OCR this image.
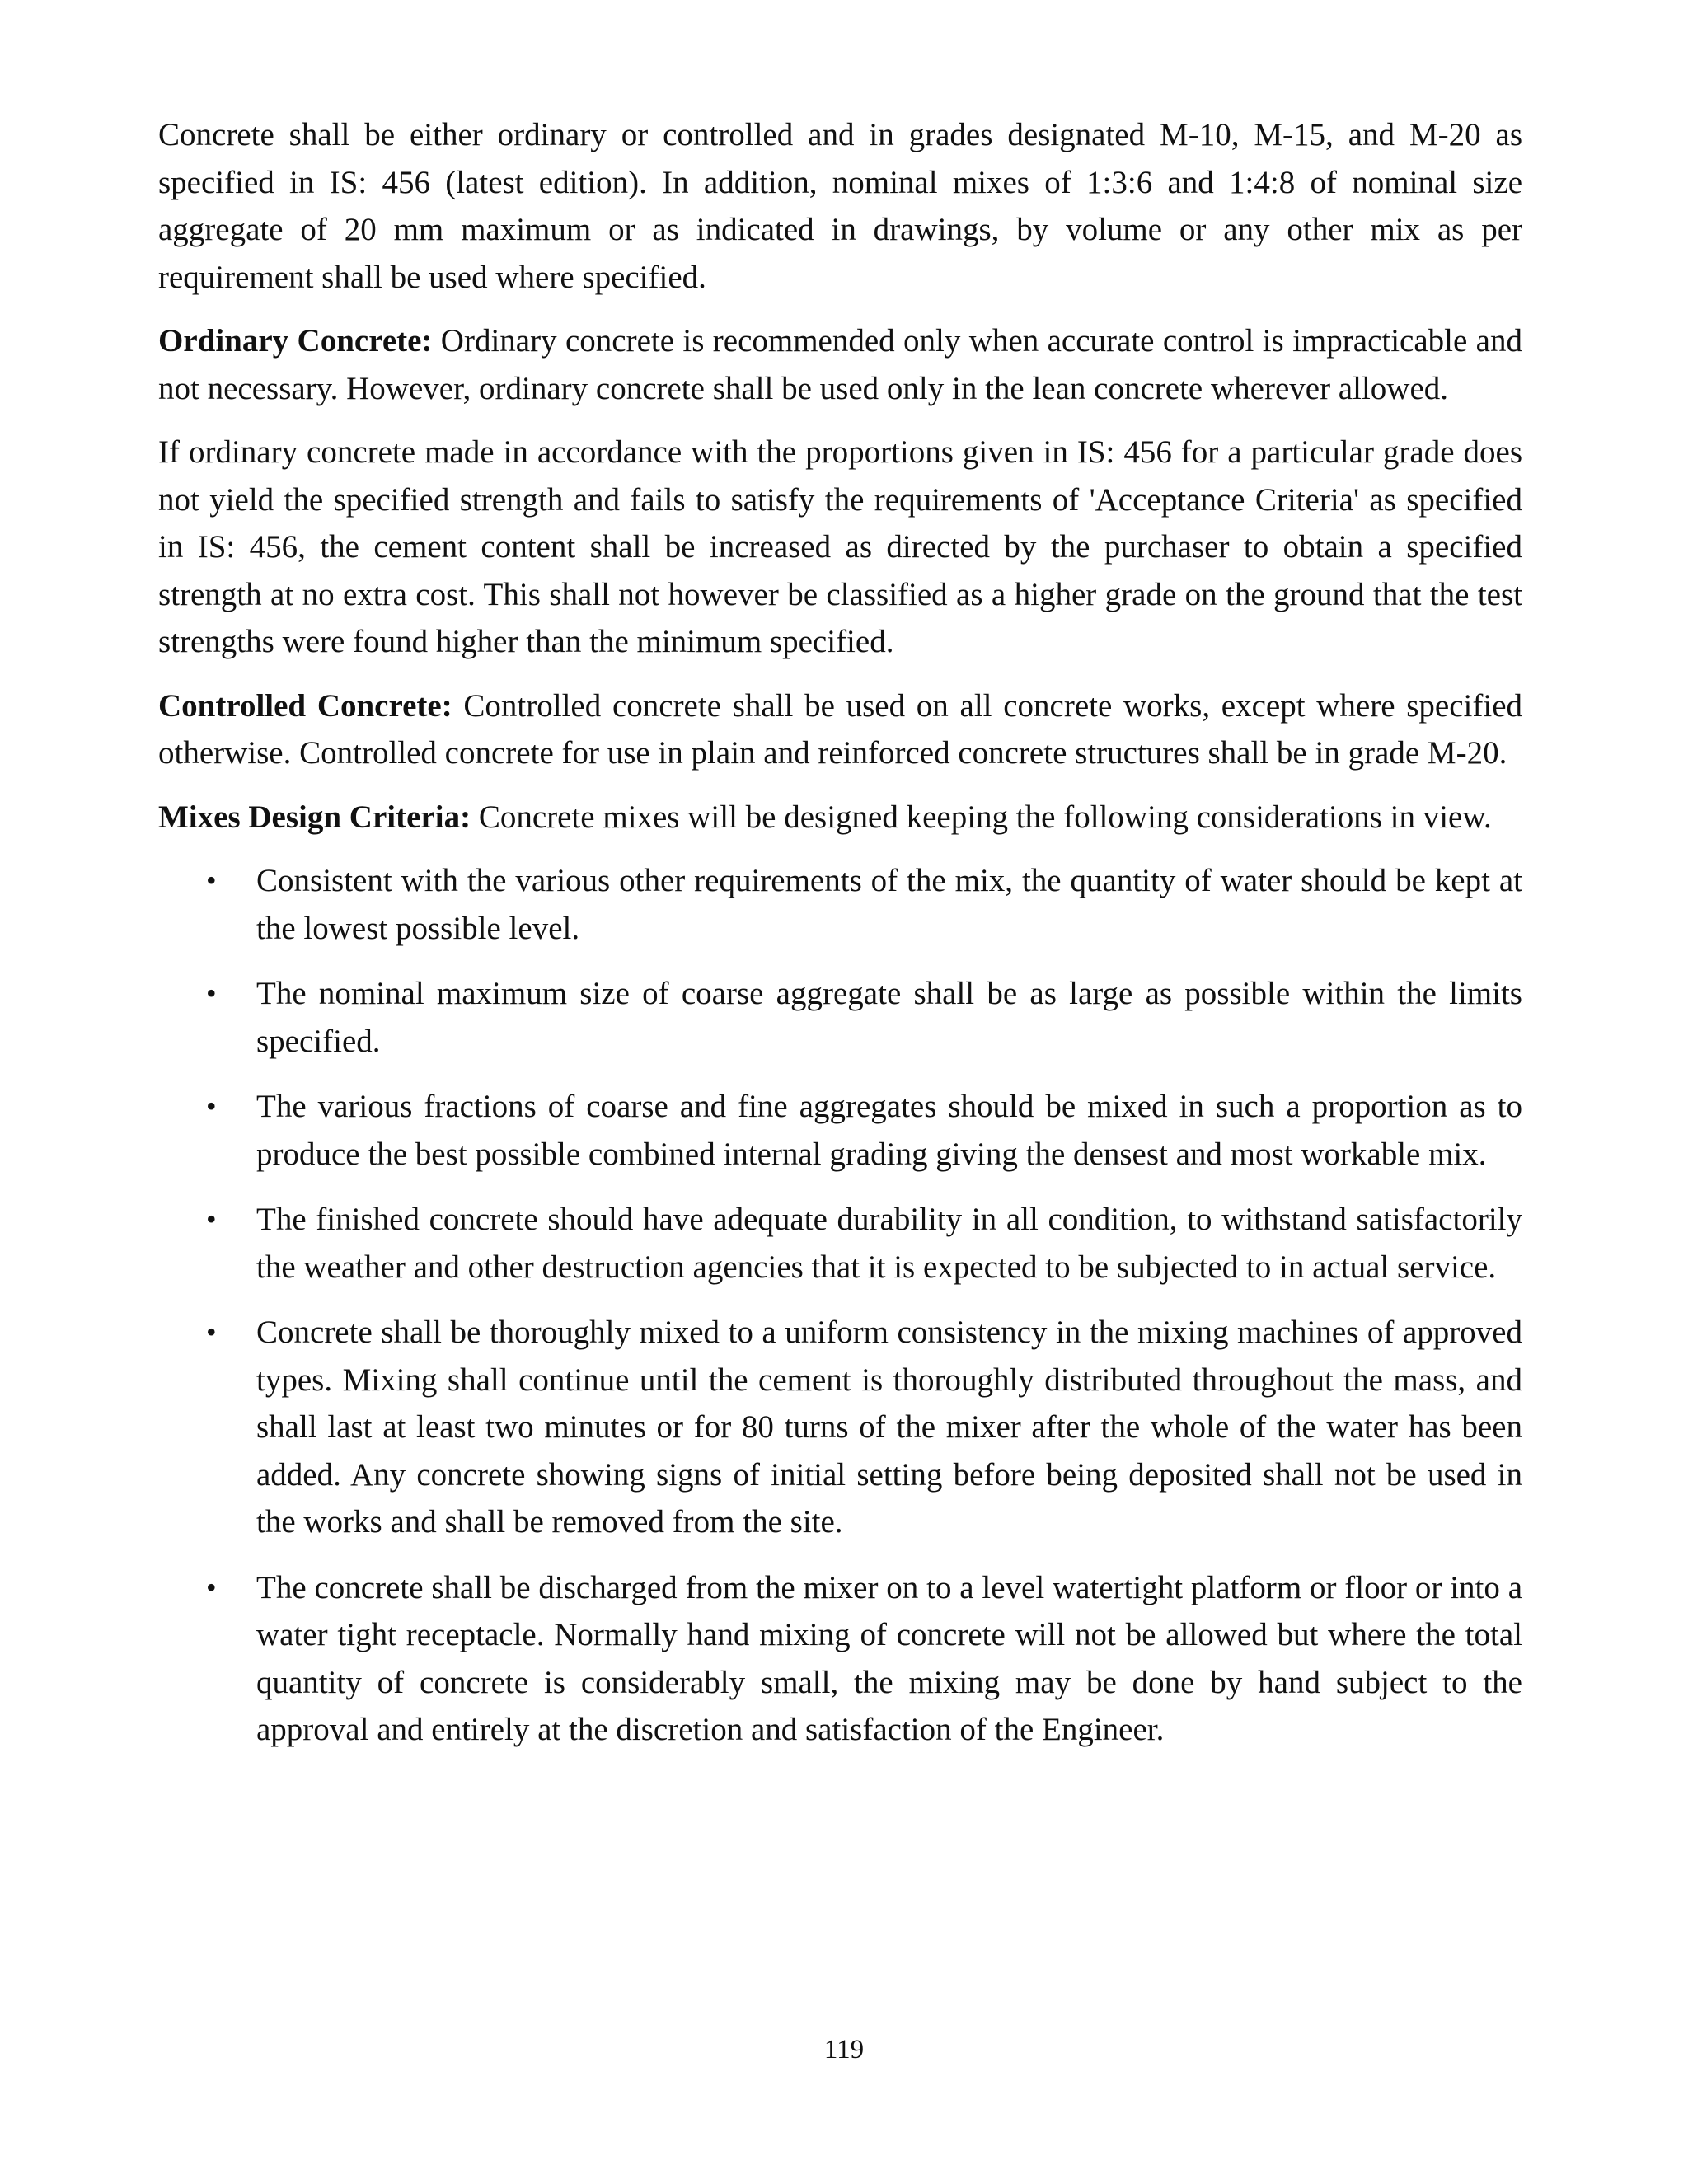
Concrete shall be either ordinary or controlled and in grades designated M-10, M-15, and M-20 as specified in IS: 456 (latest edition). In addition, nominal mixes of 1:3:6 and 1:4:8 of nominal size aggregate of 20 mm maximum or as indicated in drawings, by volume or any other mix as per requirement shall be used where specified.

Ordinary Concrete: Ordinary concrete is recommended only when accurate control is impracticable and not necessary. However, ordinary concrete shall be used only in the lean concrete wherever allowed.

If ordinary concrete made in accordance with the proportions given in IS: 456 for a particular grade does not yield the specified strength and fails to satisfy the requirements of 'Acceptance Criteria' as specified in IS: 456, the cement content shall be increased as directed by the purchaser to obtain a specified strength at no extra cost. This shall not however be classified as a higher grade on the ground that the test strengths were found higher than the minimum specified.

Controlled Concrete: Controlled concrete shall be used on all concrete works, except where specified otherwise. Controlled concrete for use in plain and reinforced concrete structures shall be in grade M-20.

Mixes Design Criteria: Concrete mixes will be designed keeping the following considerations in view.

• Consistent with the various other requirements of the mix, the quantity of water should be kept at the lowest possible level.
• The nominal maximum size of coarse aggregate shall be as large as possible within the limits specified.
• The various fractions of coarse and fine aggregates should be mixed in such a proportion as to produce the best possible combined internal grading giving the densest and most workable mix.
• The finished concrete should have adequate durability in all condition, to withstand satisfactorily the weather and other destruction agencies that it is expected to be subjected to in actual service.
• Concrete shall be thoroughly mixed to a uniform consistency in the mixing machines of approved types. Mixing shall continue until the cement is thoroughly distributed throughout the mass, and shall last at least two minutes or for 80 turns of the mixer after the whole of the water has been added. Any concrete showing signs of initial setting before being deposited shall not be used in the works and shall be removed from the site.
• The concrete shall be discharged from the mixer on to a level watertight platform or floor or into a water tight receptacle. Normally hand mixing of concrete will not be allowed but where the total quantity of concrete is considerably small, the mixing may be done by hand subject to the approval and entirely at the discretion and satisfaction of the Engineer.
119
